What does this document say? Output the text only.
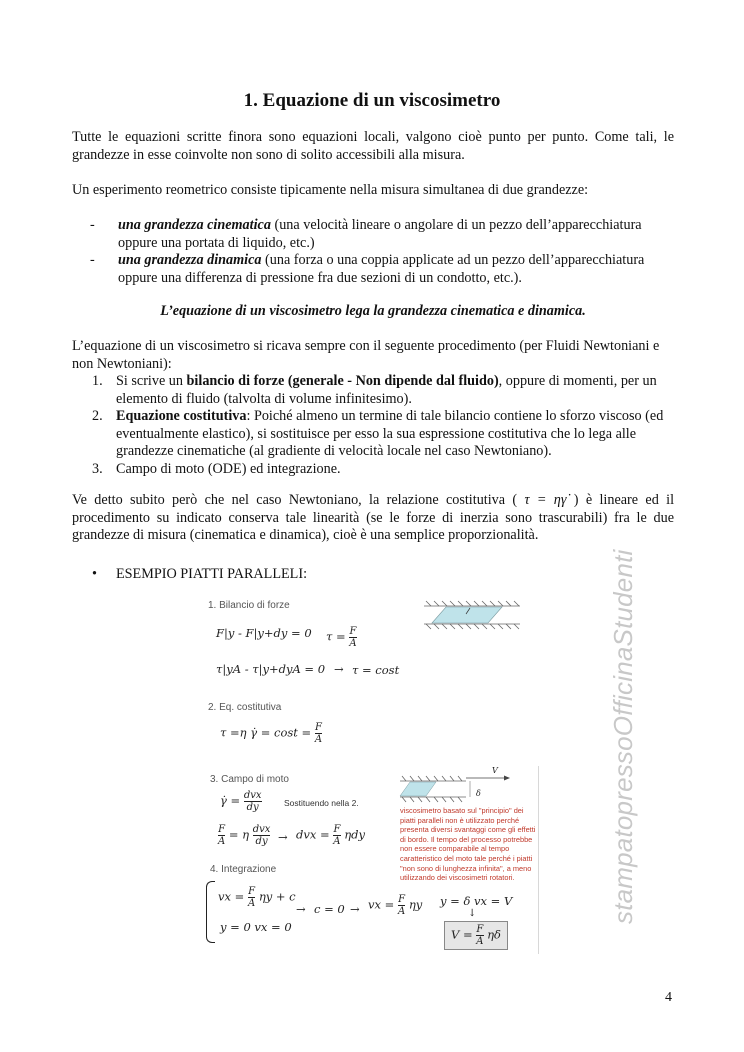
1. Equazione di un viscosimetro

Tutte le equazioni scritte finora sono equazioni locali, valgono cioè punto per punto. Come tali, le grandezze in esse coinvolte non sono di solito accessibili alla misura.

Un esperimento reometrico consiste tipicamente nella misura simultanea di due grandezze:

- una grandezza cinematica (una velocità lineare o angolare di un pezzo dell’apparecchiatura oppure una portata di liquido, etc.)
- una grandezza dinamica (una forza o una coppia applicate ad un pezzo dell’apparecchiatura oppure una differenza di pressione fra due sezioni di un condotto, etc.).
L’equazione di un viscosimetro lega la grandezza cinematica e dinamica.

L’equazione di un viscosimetro si ricava sempre con il seguente procedimento (per Fluidi Newtoniani e non Newtoniani):

1. Si scrive un bilancio di forze (generale - Non dipende dal fluido), oppure di momenti, per un elemento di fluido (talvolta di volume infinitesimo).
2. Equazione costitutiva: Poiché almeno un termine di tale bilancio contiene lo sforzo viscoso (ed eventualmente elastico), si sostituisce per esso la sua espressione costitutiva che lo lega alle grandezze cinematiche (al gradiente di velocità locale nel caso Newtoniano).
3. Campo di moto (ODE) ed integrazione.

Ve detto subito però che nel caso Newtoniano, la relazione costitutiva ( τ = ηγ̇ ) è lineare ed il procedimento su indicato conserva tale linearità (se le forze di inerzia sono trascurabili) fra le due grandezze di misura (cinematica e dinamica), cioè è una semplice proporzionalità.

• ESEMPIO PIATTI PARALLELI:
1. Bilancio di forze
F|y - F|y+dy = 0 $\tau = \frac{F}{A}$
τ|yA - τ|y+dyA = 0 → τ = cost
2. Eq. costitutiva
τ =η γ̇ = $\cos t = \frac{F}{A}$
3. Campo di moto
γ̇ = dvx
dy	Sostituendo nella 2.
$\frac{F}{A} = \eta$ dvx
dy → dvx = $\frac{F}{A}$ ηdy
V
δ
viscosimetro basato sul "principio" dei piatti paralleli non è utilizzato perché presenta diversi svantaggi come gli effetti di bordo. Il tempo del processo potrebbe non essere comparabile al tempo caratteristico del moto tale perché i piatti "non sono di lunghezza infinita", a meno utilizzando dei viscosimetri rotatori.
4. Integrazione
vx = $\frac{F}{A}$ ηy + c
y = 0 vx = 0
→ c = 0 → vx = $\frac{F}{A}$ ηy y = δ vx = V
↓
$V = \frac{F}{A}$ ηδ
stampatopressoOfficinaStudenti
4
